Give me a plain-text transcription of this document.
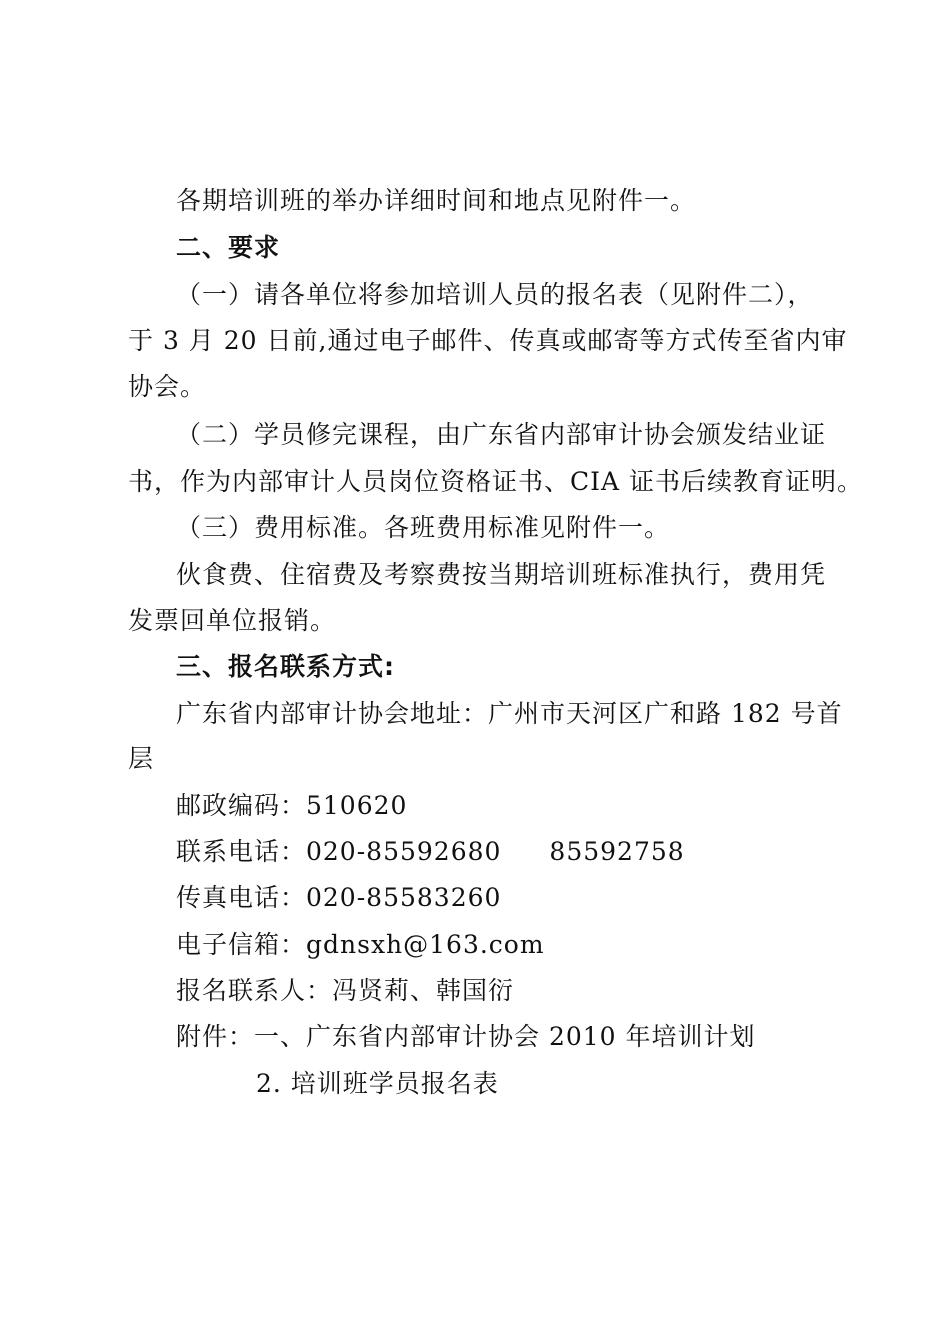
各期培训班的举办详细时间和地点见附件一。
二、要求
（一）请各单位将参加培训人员的报名表（见附件二），
于 3 月 20 日前,通过电子邮件、传真或邮寄等方式传至省内审
协会。
（二）学员修完课程，由广东省内部审计协会颁发结业证
书，作为内部审计人员岗位资格证书、CIA 证书后续教育证明。
（三）费用标准。各班费用标准见附件一。
伙食费、住宿费及考察费按当期培训班标准执行，费用凭
发票回单位报销。
三、报名联系方式:
广东省内部审计协会地址：广州市天河区广和路 182 号首
层
邮政编码：510620
联系电话：020-85592680 85592758
传真电话：020-85583260
电子信箱：gdnsxh@163.com
报名联系人：冯贤莉、韩国衍
附件：一、广东省内部审计协会 2010 年培训计划
2. 培训班学员报名表
